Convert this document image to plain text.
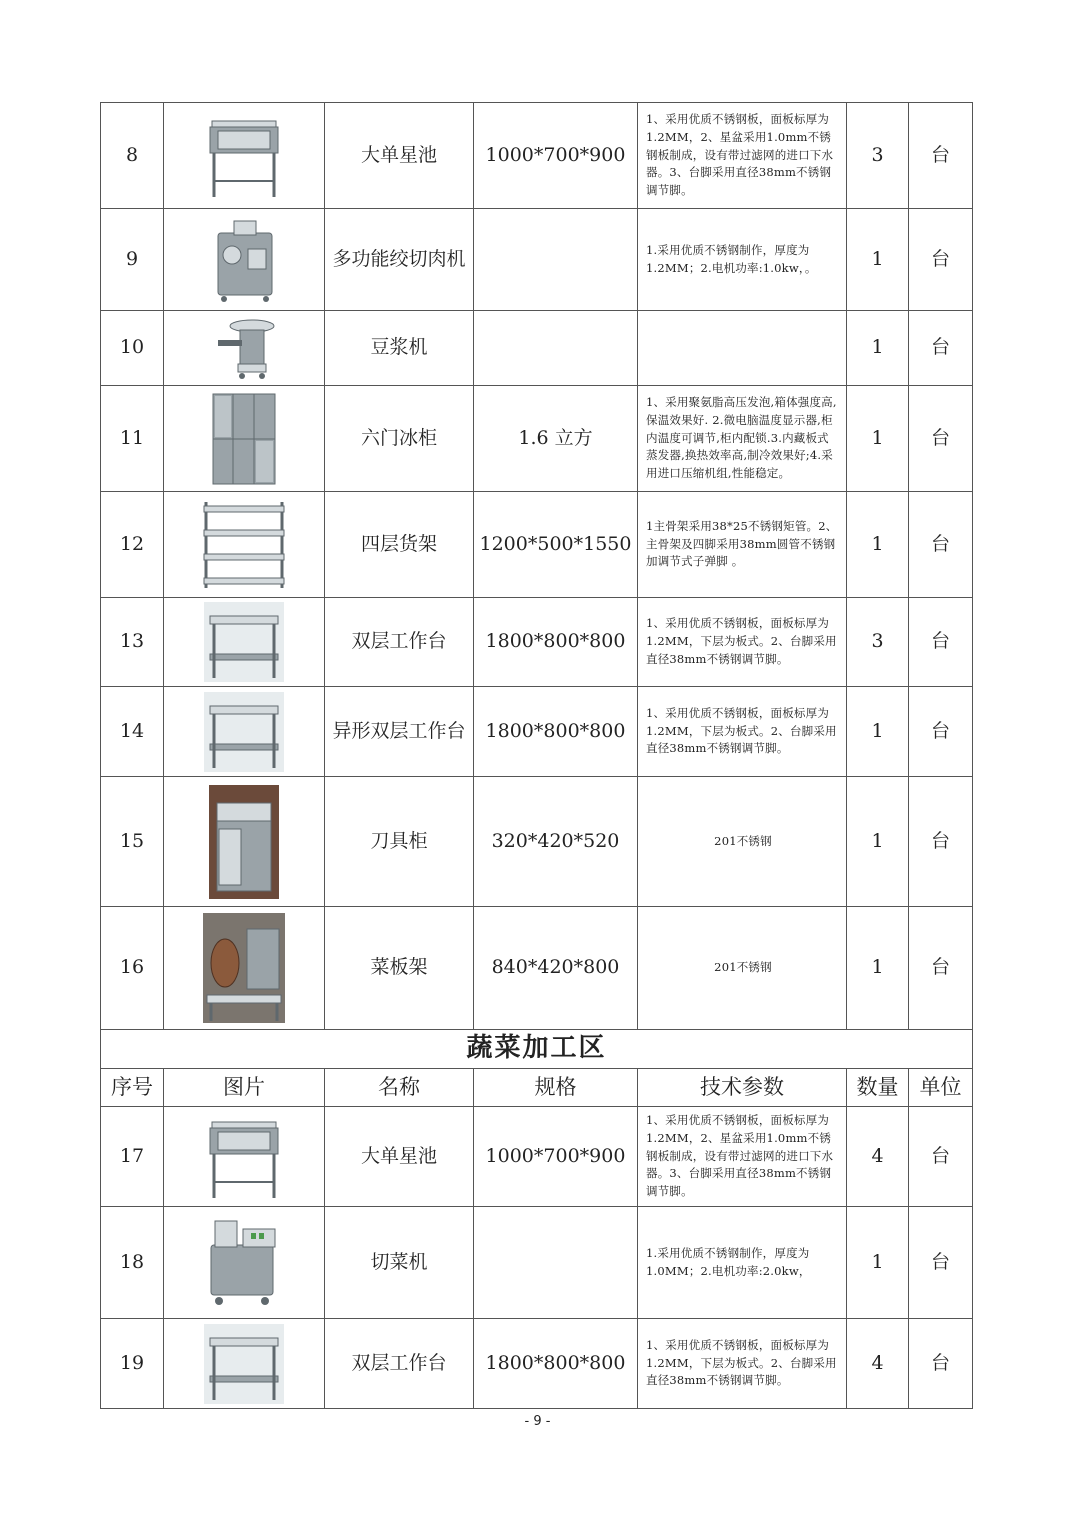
8		大单星池	1000*700*900	1、采用优质不锈钢板，面板标厚为1.2MM，2、星盆采用1.0mm不锈钢板制成，设有带过滤网的进口下水器。3、台脚采用直径38mm不锈钢调节脚。	3	台
9		多功能绞切肉机		1.采用优质不锈钢制作，厚度为1.2MM；2.电机功率:1.0kw，。	1	台
10		豆浆机			1	台
11		六门冰柜	1.6 立方	1、采用聚氨脂高压发泡,箱体强度高,保温效果好. 2.微电脑温度显示器,柜内温度可调节,柜内配锁.3.内藏板式蒸发器,换热效率高,制冷效果好;4.采用进口压缩机组,性能稳定。	1	台
12		四层货架	1200*500*1550	1主骨架采用38*25不锈钢矩管。2、主骨架及四脚采用38mm圆管不锈钢加调节式子弹脚 。	1	台
13		双层工作台	1800*800*800	1、采用优质不锈钢板，面板标厚为1.2MM，下层为板式。2、台脚采用直径38mm不锈钢调节脚。	3	台
14		异形双层工作台	1800*800*800	1、采用优质不锈钢板，面板标厚为1.2MM，下层为板式。2、台脚采用直径38mm不锈钢调节脚。	1	台
15		刀具柜	320*420*520	201不锈钢	1	台
16		菜板架	840*420*800	201不锈钢	1	台
蔬菜加工区						
序号	图片	名称	规格	技术参数	数量	单位
17		大单星池	1000*700*900	1、采用优质不锈钢板，面板标厚为1.2MM，2、星盆采用1.0mm不锈钢板制成，设有带过滤网的进口下水器。3、台脚采用直径38mm不锈钢调节脚。	4	台
18		切菜机		1.采用优质不锈钢制作，厚度为1.0MM；2.电机功率:2.0kw，	1	台
19		双层工作台	1800*800*800	1、采用优质不锈钢板，面板标厚为1.2MM，下层为板式。2、台脚采用直径38mm不锈钢调节脚。	4	台
- 9 -
